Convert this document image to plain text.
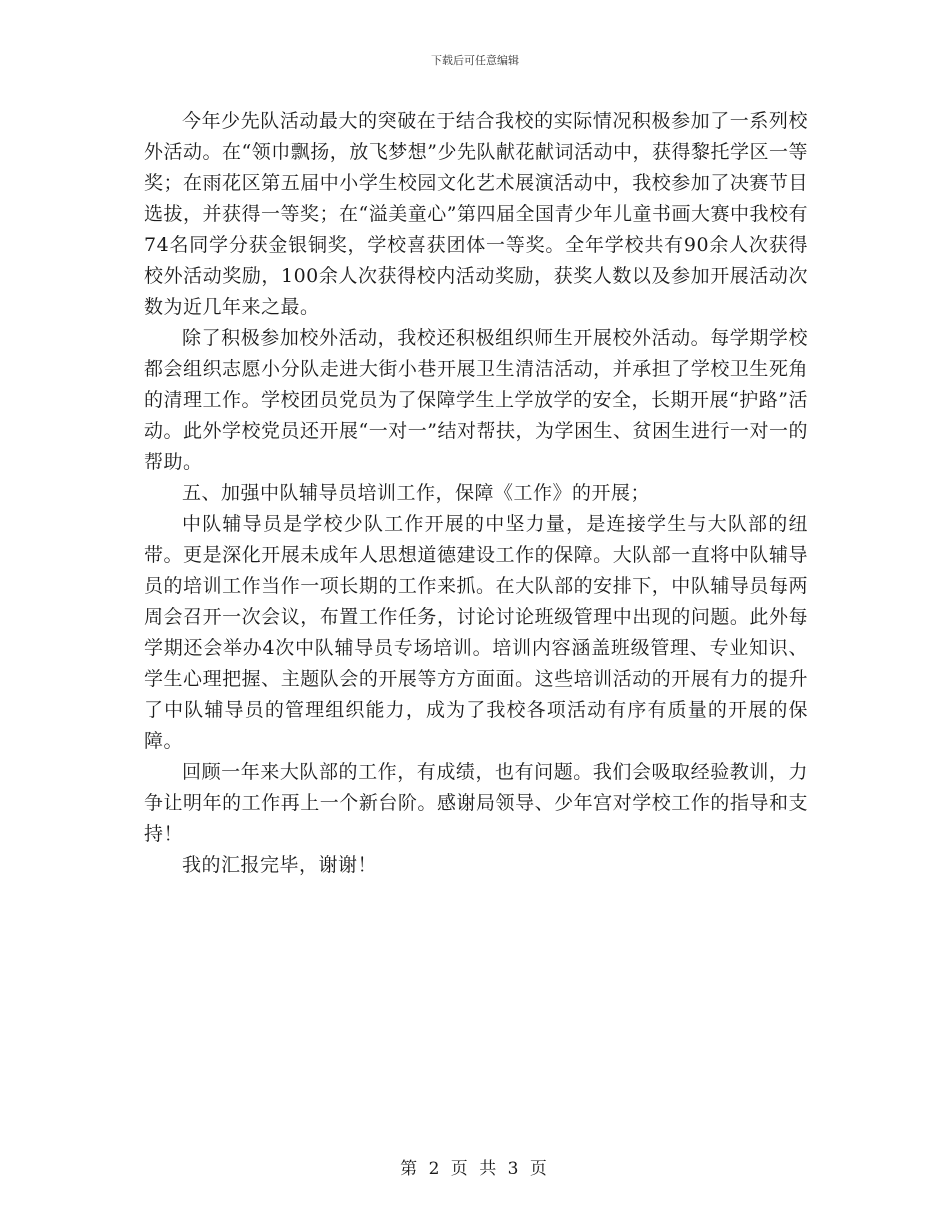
下载后可任意编辑

今年少先队活动最大的突破在于结合我校的实际情况积极参加了一系列校外活动。在“领巾飘扬，放飞梦想”少先队献花献词活动中，获得黎托学区一等奖；在雨花区第五届中小学生校园文化艺术展演活动中，我校参加了决赛节目选拔，并获得一等奖；在“溢美童心”第四届全国青少年儿童书画大赛中我校有74名同学分获金银铜奖，学校喜获团体一等奖。全年学校共有90余人次获得校外活动奖励，100余人次获得校内活动奖励，获奖人数以及参加开展活动次数为近几年来之最。

除了积极参加校外活动，我校还积极组织师生开展校外活动。每学期学校都会组织志愿小分队走进大街小巷开展卫生清洁活动，并承担了学校卫生死角的清理工作。学校团员党员为了保障学生上学放学的安全，长期开展“护路”活动。此外学校党员还开展“一对一”结对帮扶，为学困生、贫困生进行一对一的帮助。

五、加强中队辅导员培训工作，保障《工作》的开展；

中队辅导员是学校少队工作开展的中坚力量，是连接学生与大队部的纽带。更是深化开展未成年人思想道德建设工作的保障。大队部一直将中队辅导员的培训工作当作一项长期的工作来抓。在大队部的安排下，中队辅导员每两周会召开一次会议，布置工作任务，讨论讨论班级管理中出现的问题。此外每学期还会举办4次中队辅导员专场培训。培训内容涵盖班级管理、专业知识、学生心理把握、主题队会的开展等方方面面。这些培训活动的开展有力的提升了中队辅导员的管理组织能力，成为了我校各项活动有序有质量的开展的保障。

回顾一年来大队部的工作，有成绩，也有问题。我们会吸取经验教训，力争让明年的工作再上一个新台阶。感谢局领导、少年宫对学校工作的指导和支持！

我的汇报完毕，谢谢！

第 2 页 共 3 页
